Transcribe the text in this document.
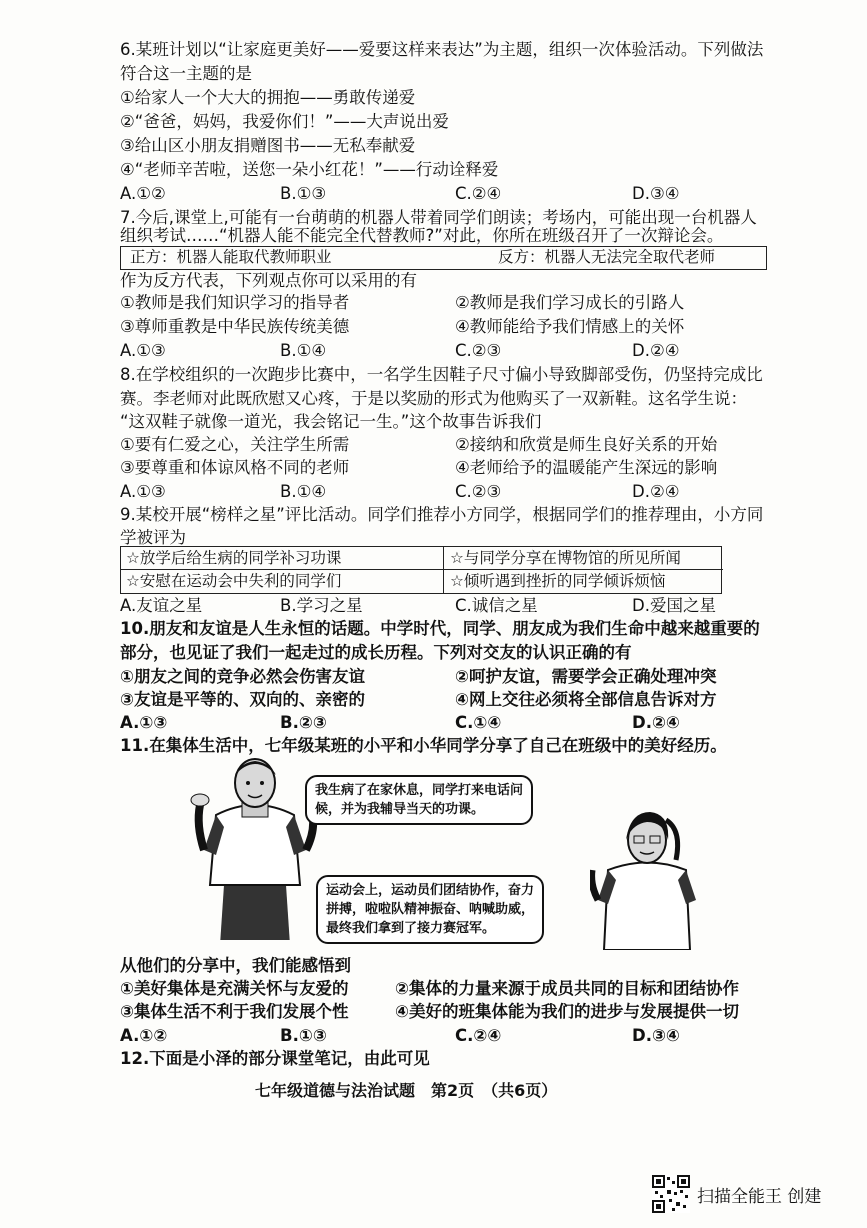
6.某班计划以“让家庭更美好——爱要这样来表达”为主题，组织一次体验活动。下列做法
符合这一主题的是
①给家人一个大大的拥抱——勇敢传递爱
②“爸爸，妈妈，我爱你们！”——大声说出爱
③给山区小朋友捐赠图书——无私奉献爱
④“老师辛苦啦，送您一朵小红花！”——行动诠释爱
A.①②	B.①③	C.②④	D.③④
7.今后,课堂上,可能有一台萌萌的机器人带着同学们朗读；考场内，可能出现一台机器人
组织考试……“机器人能不能完全代替教师?”对此，你所在班级召开了一次辩论会。
正方：机器人能取代教师职业	反方：机器人无法完全取代老师
作为反方代表，下列观点你可以采用的有
①教师是我们知识学习的指导者	②教师是我们学习成长的引路人
③尊师重教是中华民族传统美德	④教师能给予我们情感上的关怀
A.①③	B.①④	C.②③	D.②④
8.在学校组织的一次跑步比赛中，一名学生因鞋子尺寸偏小导致脚部受伤，仍坚持完成比
赛。李老师对此既欣慰又心疼，于是以奖励的形式为他购买了一双新鞋。这名学生说：
“这双鞋子就像一道光，我会铭记一生。”这个故事告诉我们
①要有仁爱之心，关注学生所需	②接纳和欣赏是师生良好关系的开始
③要尊重和体谅风格不同的老师	④老师给予的温暖能产生深远的影响
A.①③	B.①④	C.②③	D.②④
9.某校开展“榜样之星”评比活动。同学们推荐小方同学，根据同学们的推荐理由，小方同
学被评为
☆放学后给生病的同学补习功课	☆与同学分享在博物馆的所见所闻
☆安慰在运动会中失利的同学们	☆倾听遇到挫折的同学倾诉烦恼
A.友谊之星	B.学习之星	C.诚信之星	D.爱国之星
10.朋友和友谊是人生永恒的话题。中学时代，同学、朋友成为我们生命中越来越重要的
部分，也见证了我们一起走过的成长历程。下列对交友的认识正确的有
①朋友之间的竞争必然会伤害友谊	②呵护友谊，需要学会正确处理冲突
③友谊是平等的、双向的、亲密的	④网上交往必须将全部信息告诉对方
A.①③	B.②③	C.①④	D.②④
11.在集体生活中，七年级某班的小平和小华同学分享了自己在班级中的美好经历。
我生病了在家休息，同学打来电话问
候，并为我辅导当天的功课。
运动会上，运动员们团结协作，奋力
拼搏，啦啦队精神振奋、呐喊助威，
最终我们拿到了接力赛冠军。
从他们的分享中，我们能感悟到
①美好集体是充满关怀与友爱的	②集体的力量来源于成员共同的目标和团结协作
③集体生活不利于我们发展个性	④美好的班集体能为我们的进步与发展提供一切
A.①②	B.①③	C.②④	D.③④
12.下面是小泽的部分课堂笔记，由此可见
七年级道德与法治试题　第2页　（共6页）
扫描全能王 创建
